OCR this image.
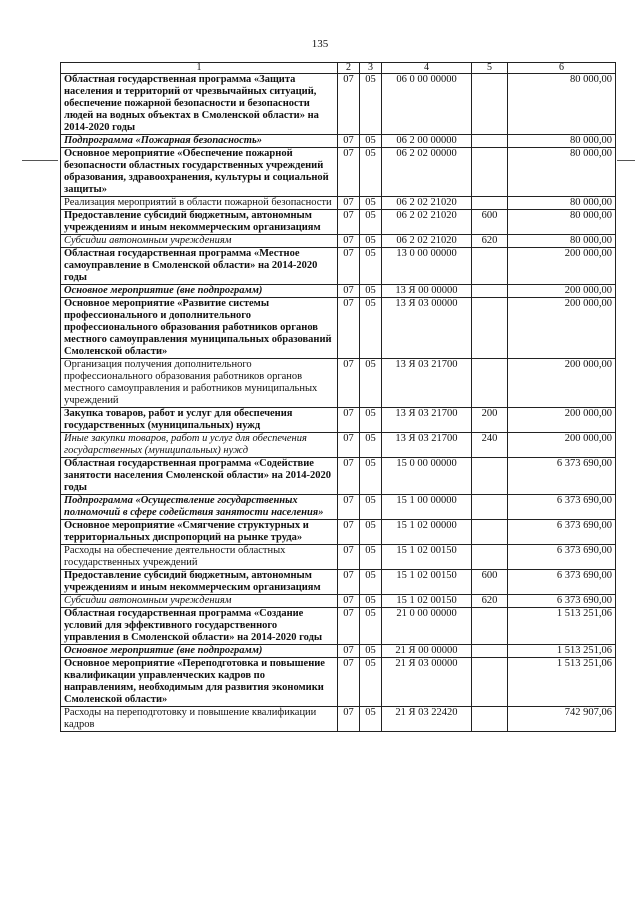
135
1	2	3	4	5	6
Областная государственная программа «Защита населения и территорий от чрезвычайных ситуаций, обеспечение пожарной безопасности и безопасности людей на водных объектах в Смоленской области» на 2014-2020 годы	07	05	06 0 00 00000		80 000,00
Подпрограмма «Пожарная безопасность»	07	05	06 2 00 00000		80 000,00
Основное мероприятие «Обеспечение пожарной безопасности областных государственных учреждений образования, здравоохранения, культуры и социальной защиты»	07	05	06 2 02 00000		80 000,00
Реализация мероприятий в области пожарной безопасности	07	05	06 2 02 21020		80 000,00
Предоставление субсидий бюджетным, автономным учреждениям и иным некоммерческим организациям	07	05	06 2 02 21020	600	80 000,00
Субсидии автономным учреждениям	07	05	06 2 02 21020	620	80 000,00
Областная государственная программа «Местное самоуправление в Смоленской области» на 2014-2020 годы	07	05	13 0 00 00000		200 000,00
Основное мероприятие (вне подпрограмм)	07	05	13 Я 00 00000		200 000,00
Основное мероприятие «Развитие системы профессионального и дополнительного профессионального образования работников органов местного самоуправления муниципальных образований Смоленской области»	07	05	13 Я 03 00000		200 000,00
Организация получения дополнительного профессионального образования работников органов местного самоуправления и работников муниципальных учреждений	07	05	13 Я 03 21700		200 000,00
Закупка товаров, работ и услуг для обеспечения государственных (муниципальных) нужд	07	05	13 Я 03 21700	200	200 000,00
Иные закупки товаров, работ и услуг для обеспечения государственных (муниципальных) нужд	07	05	13 Я 03 21700	240	200 000,00
Областная государственная программа «Содействие занятости населения Смоленской области» на 2014-2020 годы	07	05	15 0 00 00000		6 373 690,00
Подпрограмма «Осуществление государственных полномочий в сфере содействия занятости населения»	07	05	15 1 00 00000		6 373 690,00
Основное мероприятие «Смягчение структурных и территориальных диспропорций на рынке труда»	07	05	15 1 02 00000		6 373 690,00
Расходы на обеспечение деятельности областных государственных учреждений	07	05	15 1 02 00150		6 373 690,00
Предоставление субсидий бюджетным, автономным учреждениям и иным некоммерческим организациям	07	05	15 1 02 00150	600	6 373 690,00
Субсидии автономным учреждениям	07	05	15 1 02 00150	620	6 373 690,00
Областная государственная программа «Создание условий для эффективного государственного управления в Смоленской области» на 2014-2020 годы	07	05	21 0 00 00000		1 513 251,06
Основное мероприятие (вне подпрограмм)	07	05	21 Я 00 00000		1 513 251,06
Основное мероприятие «Переподготовка и повышение квалификации управленческих кадров по направлениям, необходимым для развития экономики Смоленской области»	07	05	21 Я 03 00000		1 513 251,06
Расходы на переподготовку и повышение квалификации кадров	07	05	21 Я 03 22420		742 907,06
